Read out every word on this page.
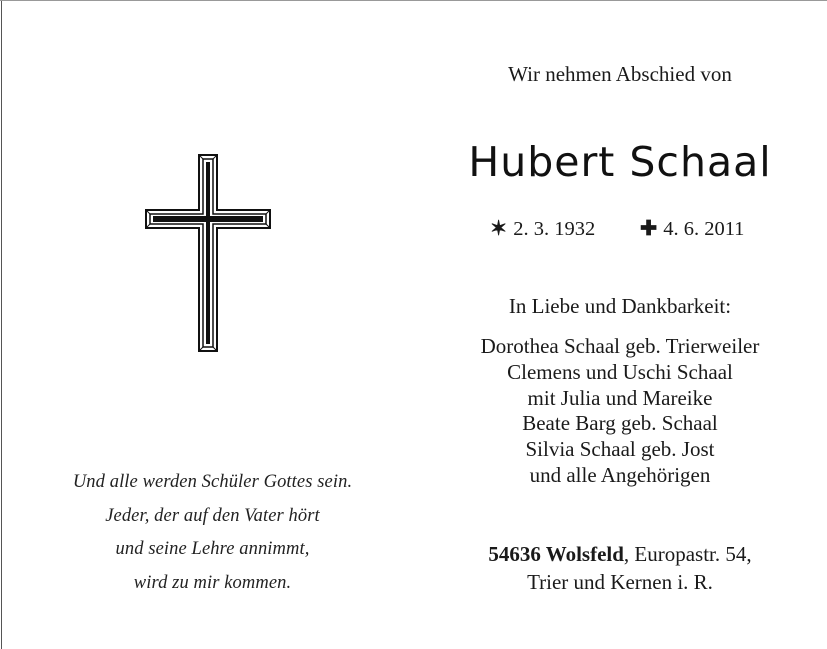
Und alle werden Schüler Gottes sein.
Jeder, der auf den Vater hört
und seine Lehre annimmt,
wird zu mir kommen.
Wir nehmen Abschied von
Hubert Schaal
✶ 2. 3. 1932 ✚ 4. 6. 2011
In Liebe und Dankbarkeit:
Dorothea Schaal geb. Trierweiler
Clemens und Uschi Schaal
mit Julia und Mareike
Beate Barg geb. Schaal
Silvia Schaal geb. Jost
und alle Angehörigen
54636 Wolsfeld, Europastr. 54,
Trier und Kernen i. R.
